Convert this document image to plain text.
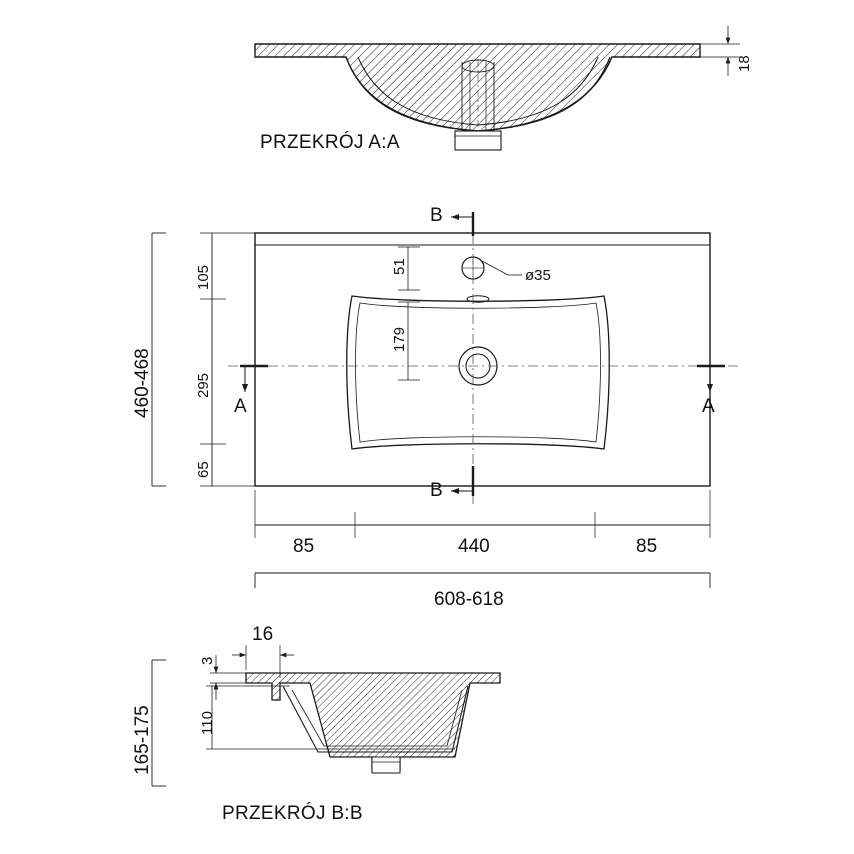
18
PRZEKRÓJ A:A
460-468
105
295
65
51
179
ø35
B
B
A	A
85	440	85
608-618
16
3
110
165-175
PRZEKRÓJ B:B
